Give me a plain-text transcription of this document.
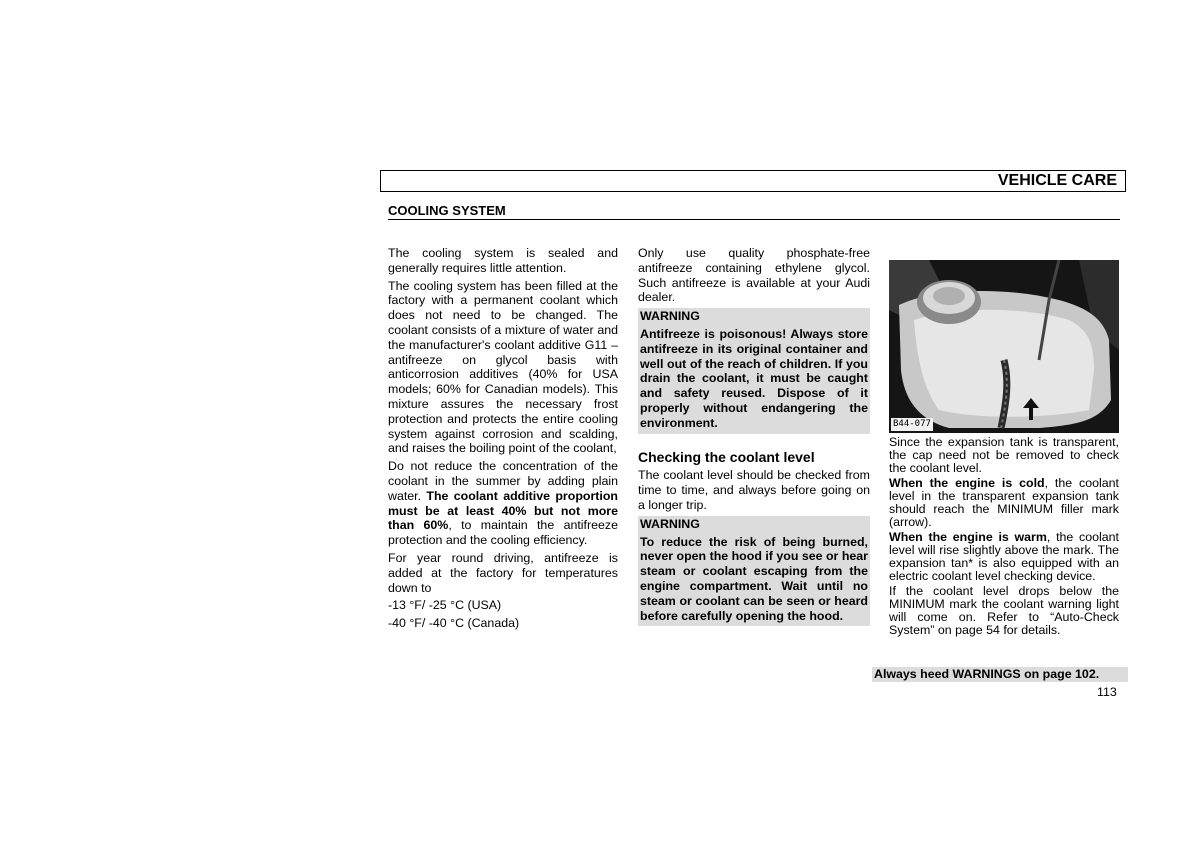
VEHICLE CARE
COOLING SYSTEM

The cooling system is sealed and generally requires little attention.

The cooling system has been filled at the factory with a permanent coolant which does not need to be changed. The coolant consists of a mixture of water and the manufacturer's coolant additive G11 – antifreeze on glycol basis with anticorrosion additives (40% for USA models; 60% for Canadian models). This mixture assures the necessary frost protection and protects the entire cooling system against corrosion and scalding, and raises the boiling point of the coolant,

Do not reduce the concentration of the coolant in the summer by adding plain water. The coolant additive proportion must be at least 40% but not more than 60%, to maintain the antifreeze protection and the cooling efficiency.

For year round driving, antifreeze is added at the factory for temperatures down to

-13 °F/ -25 °C (USA)

-40 °F/ -40 °C (Canada)

Only use quality phosphate-free antifreeze containing ethylene glycol. Such antifreeze is available at your Audi dealer.

WARNING
Antifreeze is poisonous! Always store antifreeze in its original container and well out of the reach of children. If you drain the coolant, it must be caught and safety reused. Dispose of it properly without endangering the environment.
Checking the coolant level

The coolant level should be checked from time to time, and always before going on a longer trip.

WARNING
To reduce the risk of being burned, never open the hood if you see or hear steam or coolant escaping from the engine compartment. Wait until no steam or coolant can be seen or heard before carefully opening the hood.
B44-077

Since the expansion tank is transparent, the cap need not be removed to check the coolant level.

When the engine is cold, the coolant level in the transparent expansion tank should reach the MINIMUM filler mark (arrow).

When the engine is warm, the coolant level will rise slightly above the mark. The expansion tan* is also equipped with an electric coolant level checking device.

If the coolant level drops below the MINIMUM mark the coolant warning light will come on. Refer to “Auto-Check System” on page 54 for details.

Always heed WARNINGS on page 102.
113
